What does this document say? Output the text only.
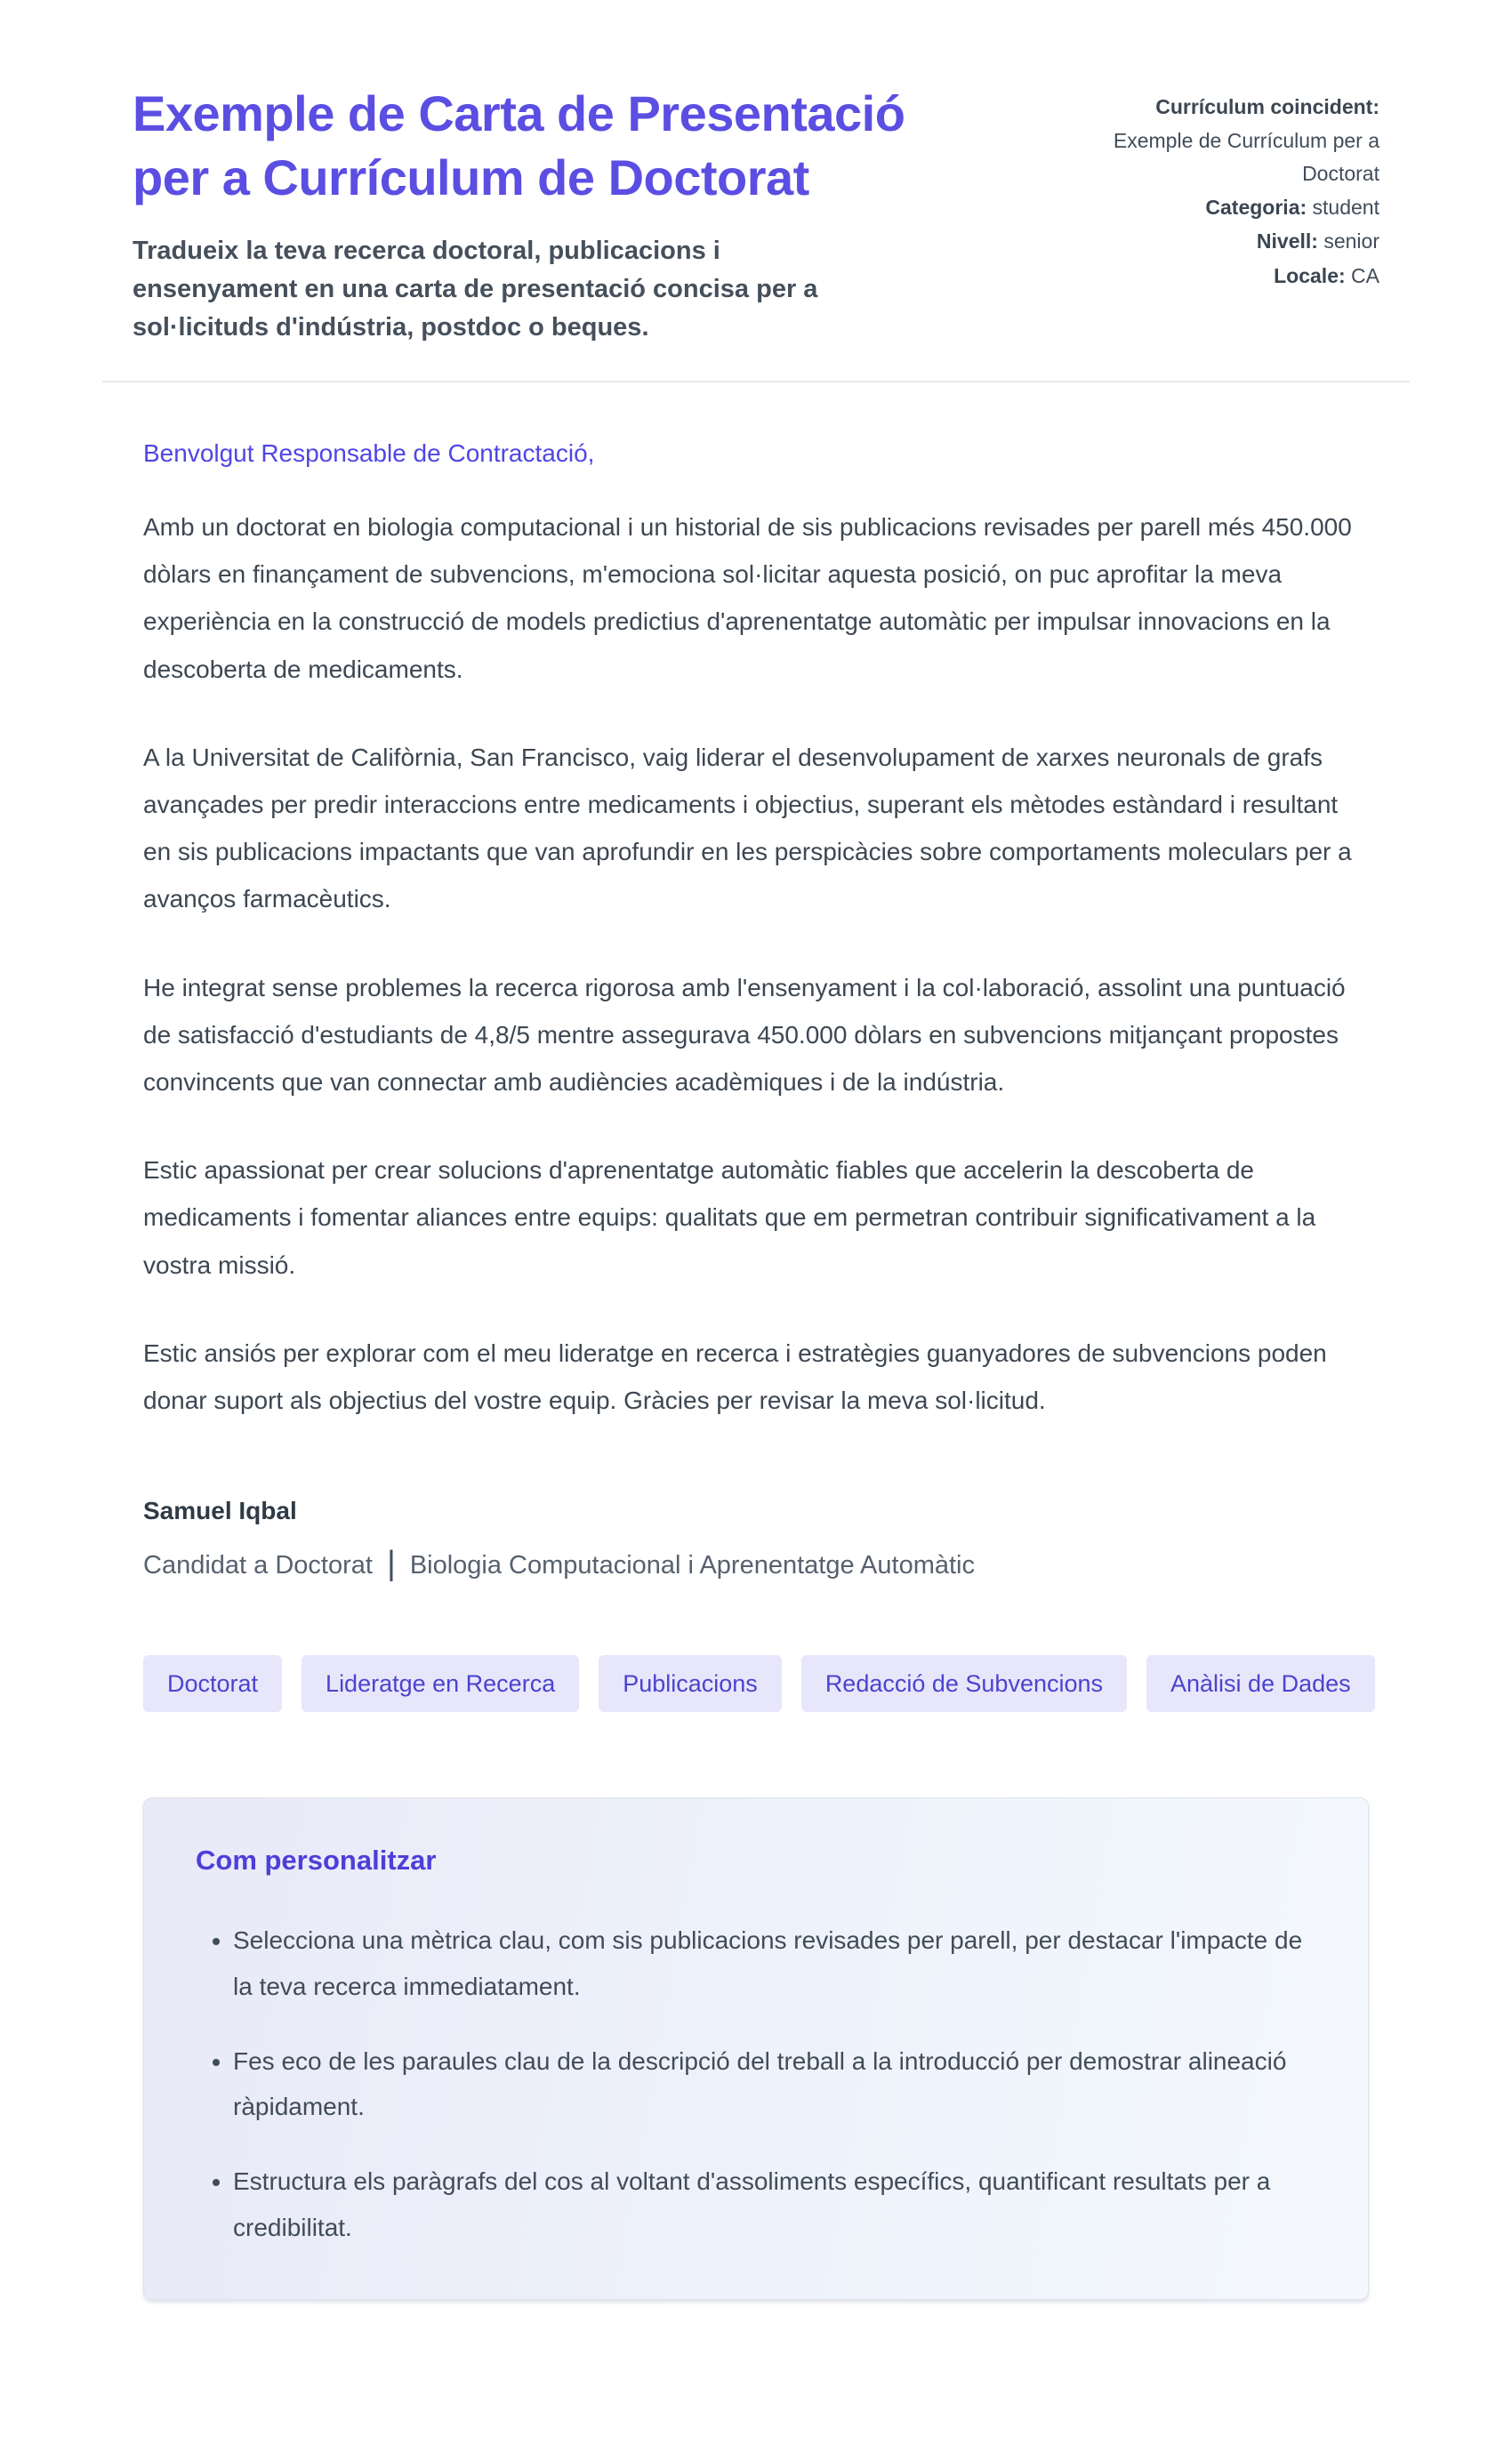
Exemple de Carta de Presentació per a Currículum de Doctorat
Tradueix la teva recerca doctoral, publicacions i ensenyament en una carta de presentació concisa per a sol·licituds d'indústria, postdoc o beques.
Currículum coincident:
Exemple de Currículum per a Doctorat
Categoria: student
Nivell: senior
Locale: CA
Benvolgut Responsable de Contractació,

Amb un doctorat en biologia computacional i un historial de sis publicacions revisades per parell més 450.000 dòlars en finançament de subvencions, m'emociona sol·licitar aquesta posició, on puc aprofitar la meva experiència en la construcció de models predictius d'aprenentatge automàtic per impulsar innovacions en la descoberta de medicaments.

A la Universitat de Califòrnia, San Francisco, vaig liderar el desenvolupament de xarxes neuronals de grafs avançades per predir interaccions entre medicaments i objectius, superant els mètodes estàndard i resultant en sis publicacions impactants que van aprofundir en les perspicàcies sobre comportaments moleculars per a avanços farmacèutics.

He integrat sense problemes la recerca rigorosa amb l'ensenyament i la col·laboració, assolint una puntuació de satisfacció d'estudiants de 4,8/5 mentre assegurava 450.000 dòlars en subvencions mitjançant propostes convincents que van connectar amb audiències acadèmiques i de la indústria.

Estic apassionat per crear solucions d'aprenentatge automàtic fiables que accelerin la descoberta de medicaments i fomentar aliances entre equips: qualitats que em permetran contribuir significativament a la vostra missió.

Estic ansiós per explorar com el meu lideratge en recerca i estratègies guanyadores de subvencions poden donar suport als objectius del vostre equip. Gràcies per revisar la meva sol·licitud.

Samuel Iqbal
Candidat a Doctorat | Biologia Computacional i Aprenentatge Automàtic
Doctorat	Lideratge en Recerca	Publicacions	Redacció de Subvencions	Anàlisi de Dades
Com personalitzar
• Selecciona una mètrica clau, com sis publicacions revisades per parell, per destacar l'impacte de la teva recerca immediatament.
• Fes eco de les paraules clau de la descripció del treball a la introducció per demostrar alineació ràpidament.
• Estructura els paràgrafs del cos al voltant d'assoliments específics, quantificant resultats per a credibilitat.
